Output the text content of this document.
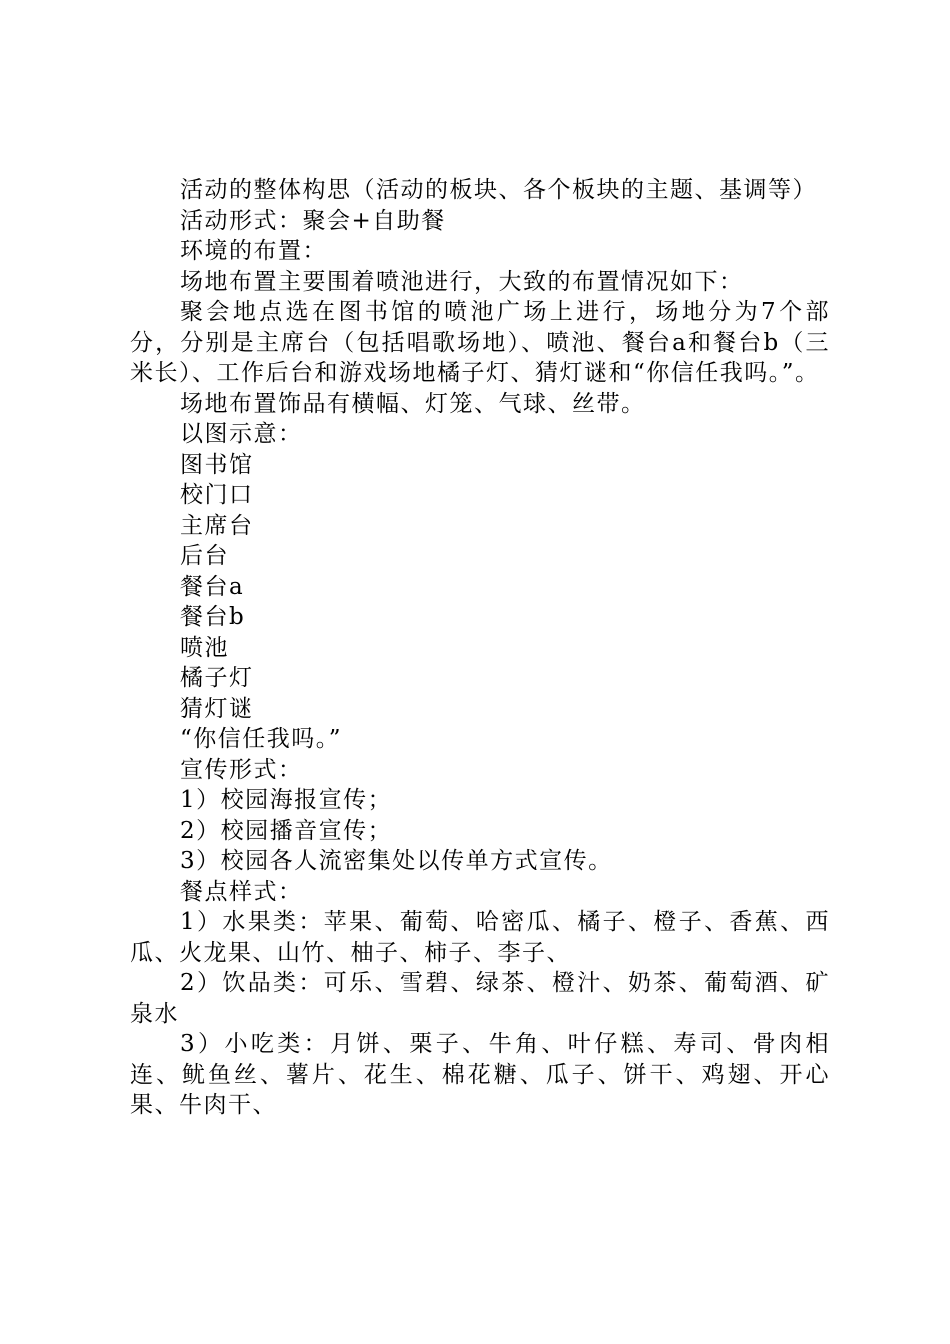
活动的整体构思（活动的板块、各个板块的主题、基调等）

活动形式：聚会+自助餐

环境的布置：

场地布置主要围着喷池进行，大致的布置情况如下：

聚会地点选在图书馆的喷池广场上进行，场地分为7个部分，分别是主席台（包括唱歌场地）、喷池、餐台a和餐台b（三米长）、工作后台和游戏场地橘子灯、猜灯谜和“你信任我吗。”。

场地布置饰品有横幅、灯笼、气球、丝带。

以图示意：

图书馆

校门口

主席台

后台

餐台a

餐台b

喷池

橘子灯

猜灯谜

“你信任我吗。”

宣传形式：

1）校园海报宣传；

2）校园播音宣传；

3）校园各人流密集处以传单方式宣传。

餐点样式：

1）水果类：苹果、葡萄、哈密瓜、橘子、橙子、香蕉、西瓜、火龙果、山竹、柚子、柿子、李子、

2）饮品类：可乐、雪碧、绿茶、橙汁、奶茶、葡萄酒、矿泉水

3）小吃类：月饼、栗子、牛角、叶仔糕、寿司、骨肉相连、鱿鱼丝、薯片、花生、棉花糖、瓜子、饼干、鸡翅、开心果、牛肉干、
